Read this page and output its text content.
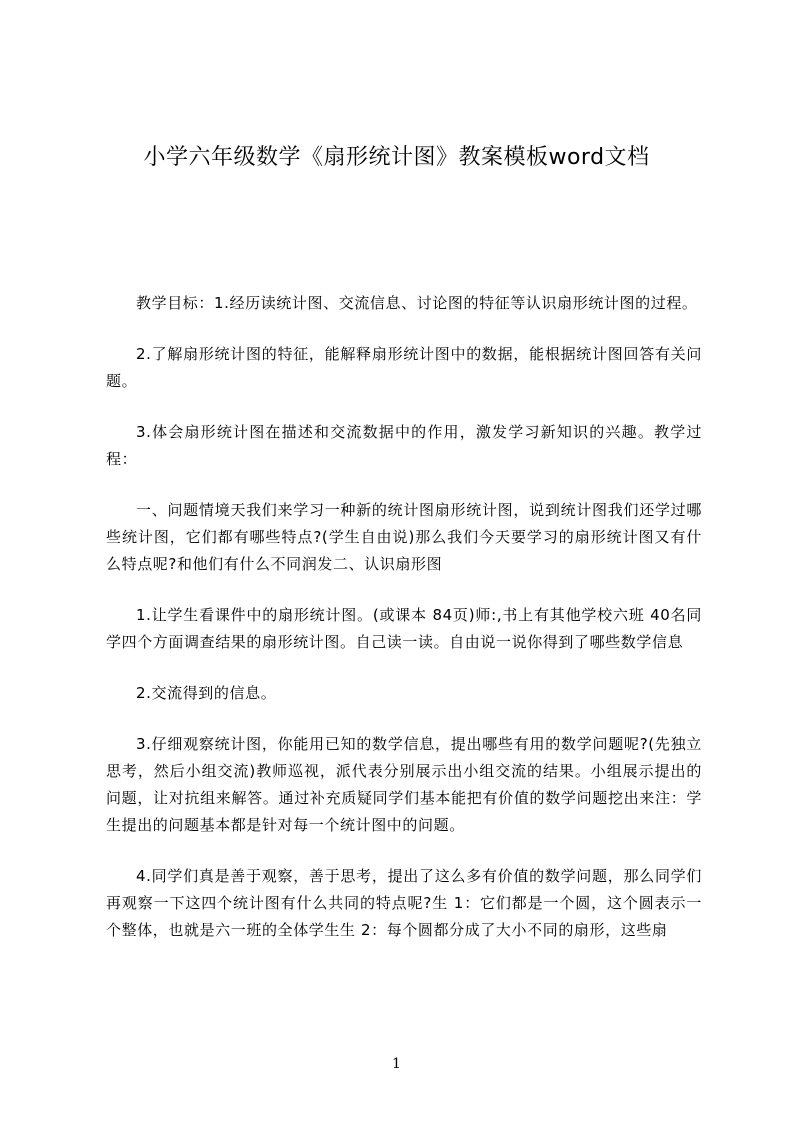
小学六年级数学《扇形统计图》教案模板word文档

教学目标：1.经历读统计图、交流信息、讨论图的特征等认识扇形统计图的过程。

2.了解扇形统计图的特征，能解释扇形统计图中的数据，能根据统计图回答有关问题。

3.体会扇形统计图在描述和交流数据中的作用，激发学习新知识的兴趣。教学过程：

一、问题情境天我们来学习一种新的统计图扇形统计图，说到统计图我们还学过哪些统计图，它们都有哪些特点?(学生自由说)那么我们今天要学习的扇形统计图又有什么特点呢?和他们有什么不同润发二、认识扇形图

1.让学生看课件中的扇形统计图。(或课本 84页)师:,书上有其他学校六班 40名同学四个方面调查结果的扇形统计图。自己读一读。自由说一说你得到了哪些数学信息

2.交流得到的信息。

3.仔细观察统计图，你能用已知的数学信息，提出哪些有用的数学问题呢?(先独立思考，然后小组交流)教师巡视，派代表分别展示出小组交流的结果。小组展示提出的问题，让对抗组来解答。通过补充质疑同学们基本能把有价值的数学问题挖出来注：学生提出的问题基本都是针对每一个统计图中的问题。

4.同学们真是善于观察，善于思考，提出了这么多有价值的数学问题，那么同学们再观察一下这四个统计图有什么共同的特点呢?生 1：它们都是一个圆，这个圆表示一个整体，也就是六一班的全体学生生 2：每个圆都分成了大小不同的扇形，这些扇

1
